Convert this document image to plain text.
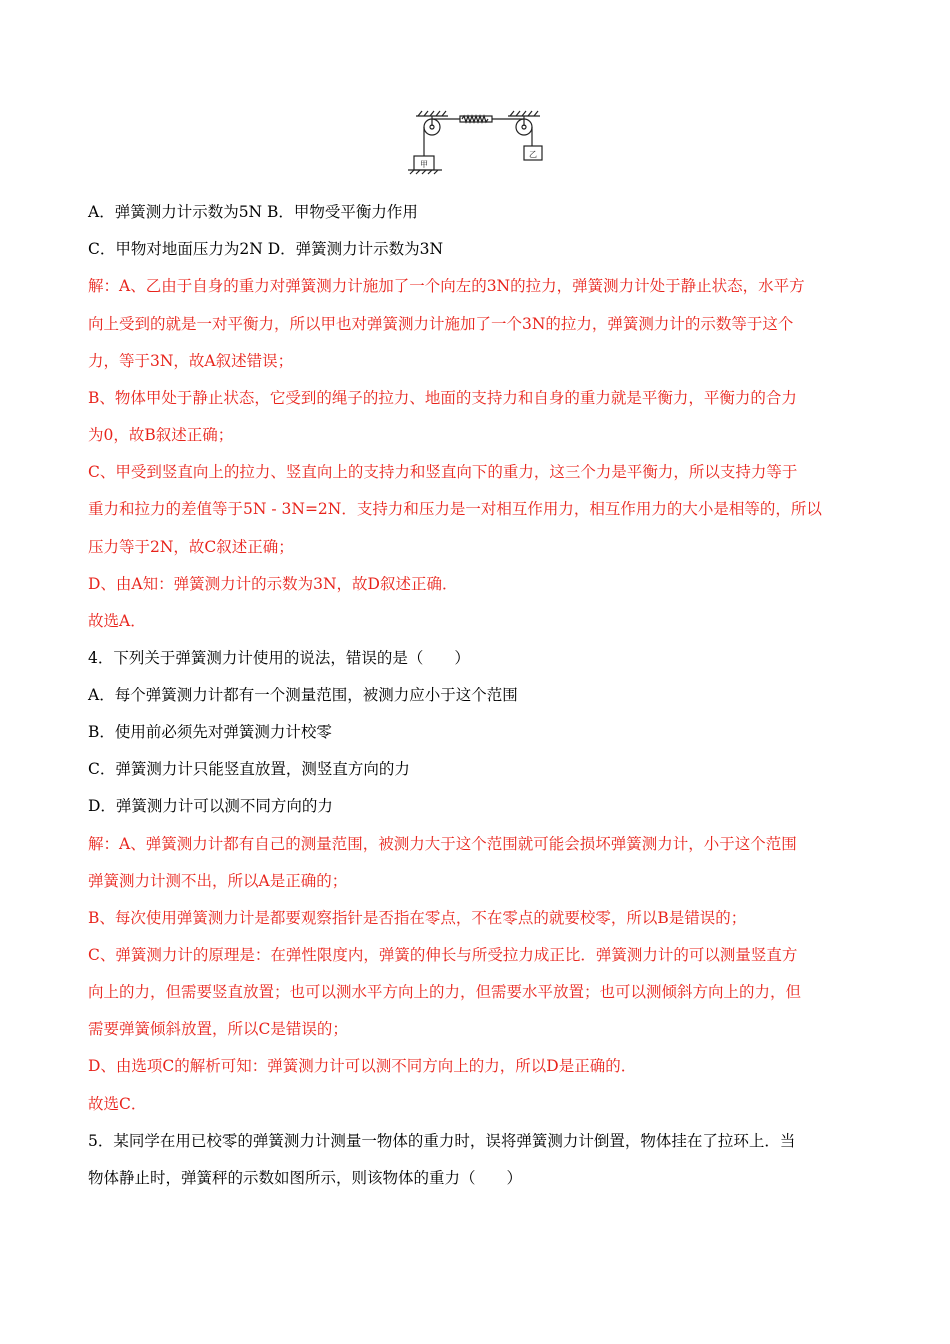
甲
乙
A．弹簧测力计示数为5N B．甲物受平衡力作用
C．甲物对地面压力为2N D．弹簧测力计示数为3N
解：A、乙由于自身的重力对弹簧测力计施加了一个向左的3N的拉力，弹簧测力计处于静止状态，水平方
向上受到的就是一对平衡力，所以甲也对弹簧测力计施加了一个3N的拉力，弹簧测力计的示数等于这个
力，等于3N，故A叙述错误；
B、物体甲处于静止状态，它受到的绳子的拉力、地面的支持力和自身的重力就是平衡力，平衡力的合力
为0，故B叙述正确；
C、甲受到竖直向上的拉力、竖直向上的支持力和竖直向下的重力，这三个力是平衡力，所以支持力等于
重力和拉力的差值等于5N - 3N=2N．支持力和压力是一对相互作用力，相互作用力的大小是相等的，所以
压力等于2N，故C叙述正确；
D、由A知：弹簧测力计的示数为3N，故D叙述正确．
故选A．
4．下列关于弹簧测力计使用的说法，错误的是（　　）
A．每个弹簧测力计都有一个测量范围，被测力应小于这个范围
B．使用前必须先对弹簧测力计校零
C．弹簧测力计只能竖直放置，测竖直方向的力
D．弹簧测力计可以测不同方向的力
解：A、弹簧测力计都有自己的测量范围，被测力大于这个范围就可能会损坏弹簧测力计，小于这个范围
弹簧测力计测不出，所以A是正确的；
B、每次使用弹簧测力计是都要观察指针是否指在零点，不在零点的就要校零，所以B是错误的；
C、弹簧测力计的原理是：在弹性限度内，弹簧的伸长与所受拉力成正比．弹簧测力计的可以测量竖直方
向上的力，但需要竖直放置；也可以测水平方向上的力，但需要水平放置；也可以测倾斜方向上的力，但
需要弹簧倾斜放置，所以C是错误的；
D、由选项C的解析可知：弹簧测力计可以测不同方向上的力，所以D是正确的．
故选C．
5．某同学在用已校零的弹簧测力计测量一物体的重力时，误将弹簧测力计倒置，物体挂在了拉环上．当
物体静止时，弹簧秤的示数如图所示，则该物体的重力（　　）
